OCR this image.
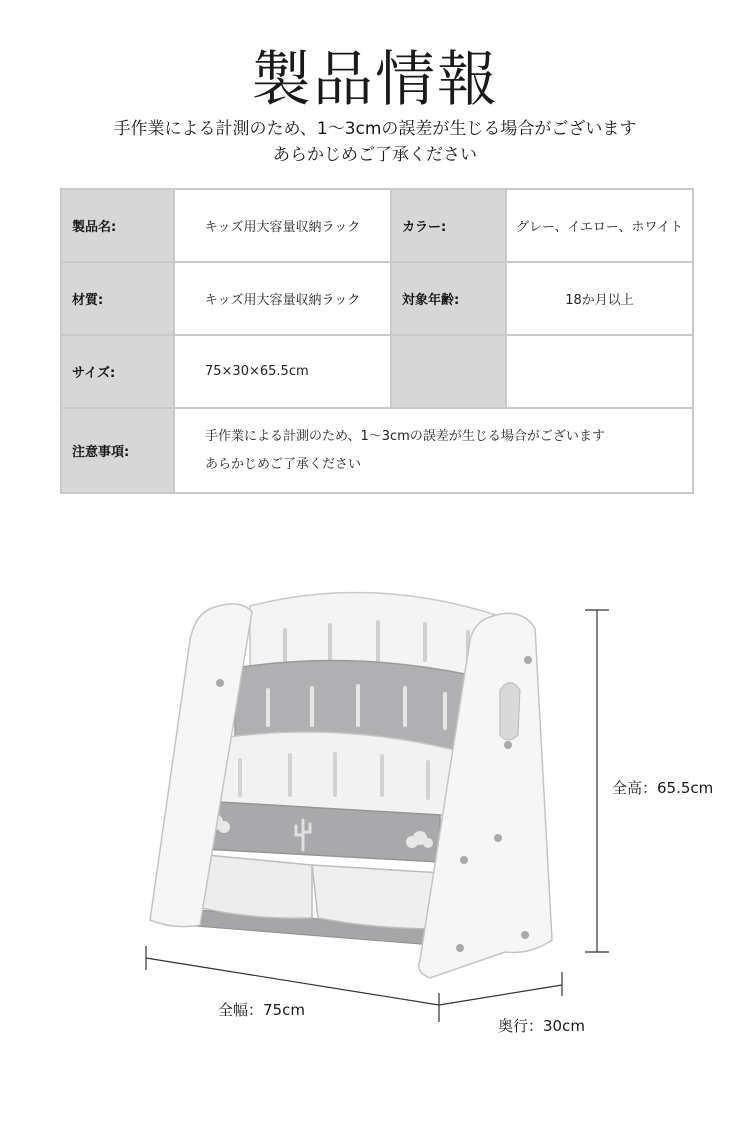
製品情報
手作業による計測のため、1〜3cmの誤差が生じる場合がございます
あらかじめご了承ください
製品名:	キッズ用大容量収納ラック	カラー:	グレー、イエロー、ホワイト
材質:	キッズ用大容量収納ラック	対象年齢:	18か月以上
サイズ:	75×30×65.5cm		
注意事項:	手作業による計測のため、1〜3cmの誤差が生じる場合がございます
あらかじめご了承ください		
全高：65.5cm
全幅：75cm
奥行：30cm
